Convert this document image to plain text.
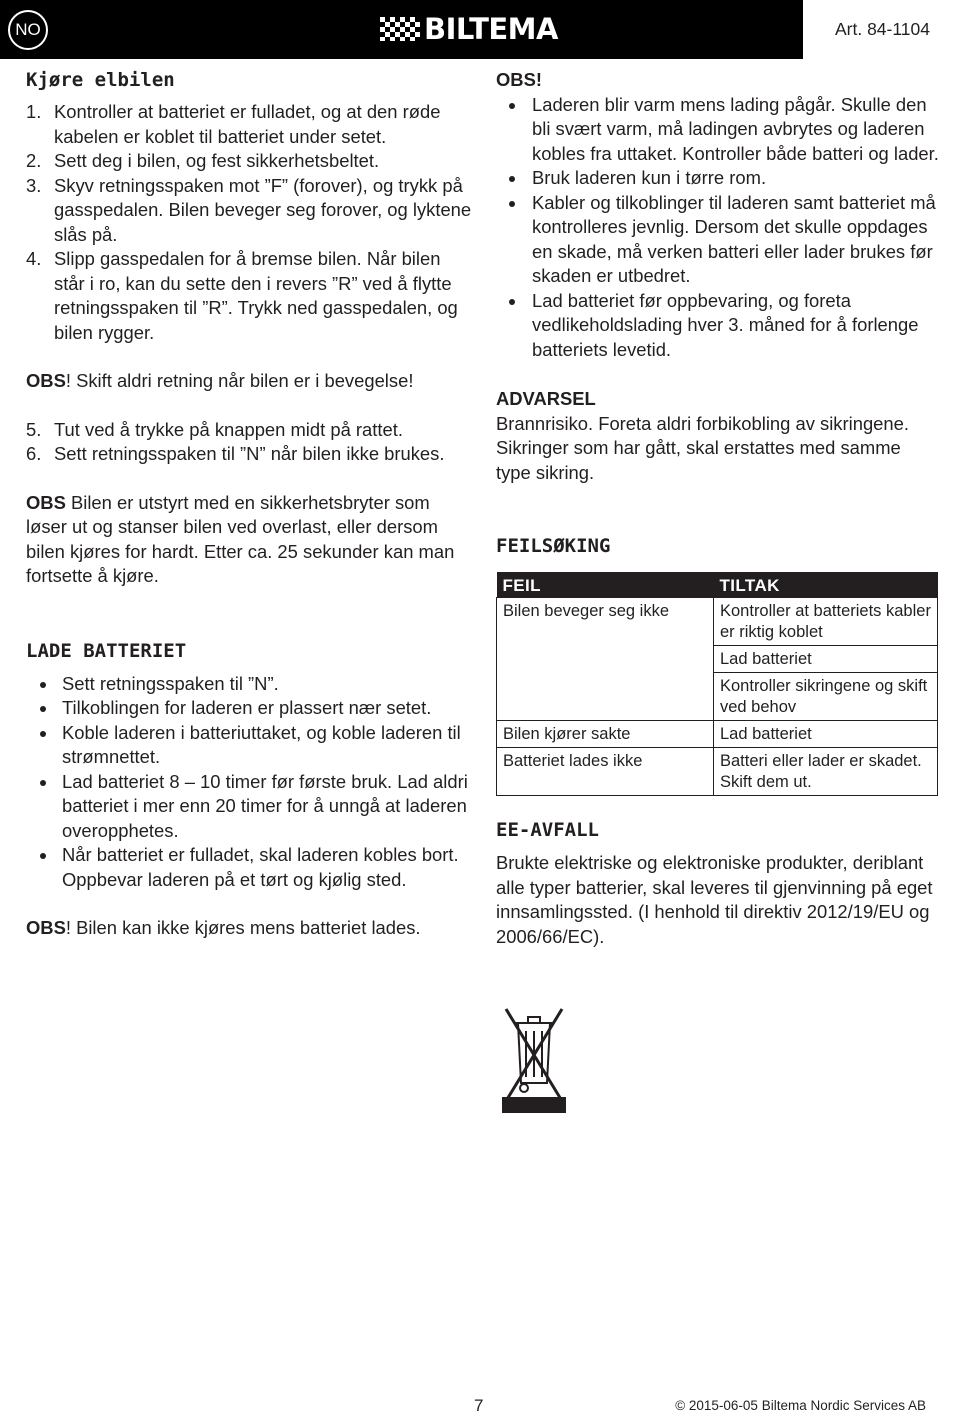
NO	BILTEMA	Art. 84-1104
Kjøre elbilen
1. Kontroller at batteriet er fulladet, og at den røde kabelen er koblet til batteriet under setet.
2. Sett deg i bilen, og fest sikkerhetsbeltet.
3. Skyv retningsspaken mot ”F” (forover), og trykk på gasspedalen. Bilen beveger seg forover, og lyktene slås på.
4. Slipp gasspedalen for å bremse bilen. Når bilen står i ro, kan du sette den i revers ”R” ved å flytte retningsspaken til ”R”. Trykk ned gasspedalen, og bilen rygger.

OBS! Skift aldri retning når bilen er i bevegelse!

5. Tut ved å trykke på knappen midt på rattet.
6. Sett retningsspaken til ”N” når bilen ikke brukes.

OBS Bilen er utstyrt med en sikkerhetsbryter som løser ut og stanser bilen ved overlast, eller dersom bilen kjøres for hardt. Etter ca. 25 sekunder kan man fortsette å kjøre.

LADE BATTERIET
Sett retningsspaken til ”N”.
Tilkoblingen for laderen er plassert nær setet.
Koble laderen i batteriuttaket, og koble laderen til strømnettet.
Lad batteriet 8 – 10 timer før første bruk. Lad aldri batteriet i mer enn 20 timer for å unngå at laderen overopphetes.
Når batteriet er fulladet, skal laderen kobles bort. Oppbevar laderen på et tørt og kjølig sted.

OBS! Bilen kan ikke kjøres mens batteriet lades.

OBS!
Laderen blir varm mens lading pågår. Skulle den bli svært varm, må ladingen avbrytes og laderen kobles fra uttaket. Kontroller både batteri og lader.
Bruk laderen kun i tørre rom.
Kabler og tilkoblinger til laderen samt batteriet må kontrolleres jevnlig. Dersom det skulle oppdages en skade, må verken batteri eller lader brukes før skaden er utbedret.
Lad batteriet før oppbevaring, og foreta vedlikeholdslading hver 3. måned for å forlenge batteriets levetid.
ADVARSEL

Brannrisiko. Foreta aldri forbikobling av sikringene. Sikringer som har gått, skal erstattes med samme type sikring.

FEILSØKING
FEIL	TILTAK
Bilen beveger seg ikke	Kontroller at batteriets kabler er riktig koblet
	Lad batteriet
	Kontroller sikringene og skift ved behov
Bilen kjører sakte	Lad batteriet
Batteriet lades ikke	Batteri eller lader er skadet. Skift dem ut.
EE-AVFALL

Brukte elektriske og elektroniske produkter, deriblant alle typer batterier, skal leveres til gjenvinning på eget innsamlingssted. (I henhold til direktiv 2012/19/EU og 2006/66/EC).

7	© 2015-06-05 Biltema Nordic Services AB
